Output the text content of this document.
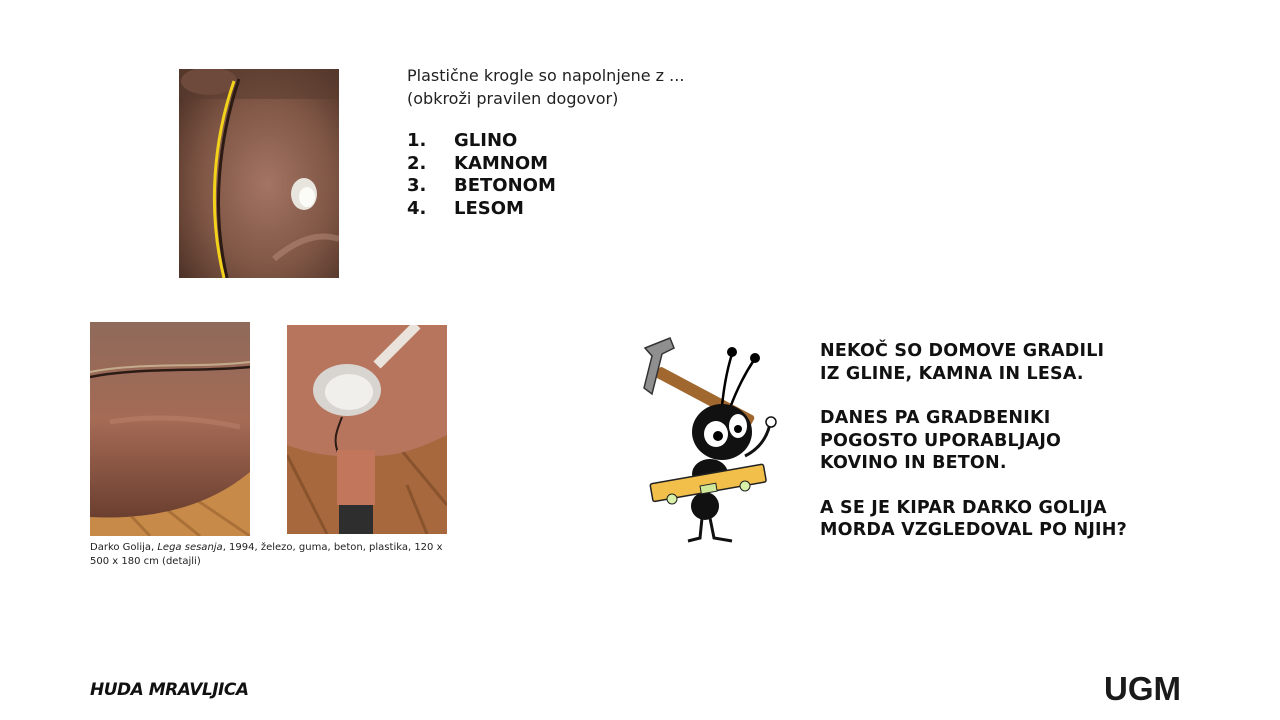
Plastične krogle so napolnjene z ...
(obkroži pravilen dogovor)
1.	GLINO
2.	KAMNOM
3.	BETONOM
4.	LESOM
Darko Golija, Lega sesanja, 1994, železo, guma, beton, plastika, 120 x 500 x 180 cm (detajli)

NEKOČ SO DOMOVE GRADILI
IZ GLINE, KAMNA IN LESA.

DANES PA GRADBENIKI
POGOSTO UPORABLJAJO
KOVINO IN BETON.

A SE JE KIPAR DARKO GOLIJA
MORDA VZGLEDOVAL PO NJIH?

HUDA MRAVLJICA	UGM
